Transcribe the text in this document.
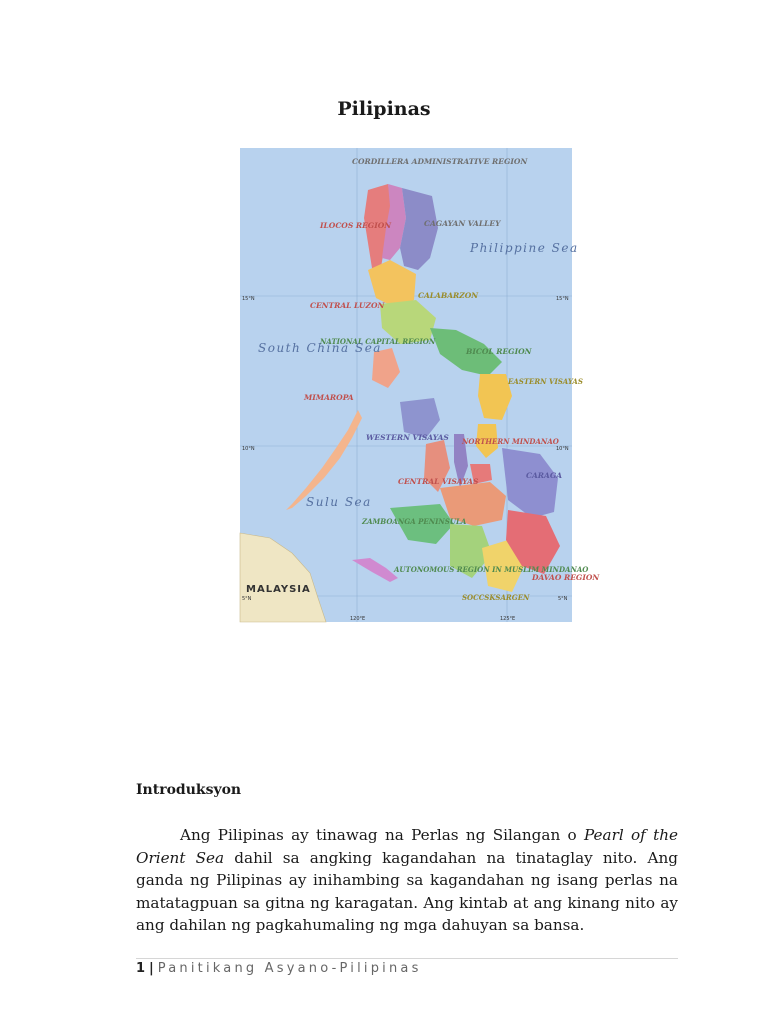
Pilipinas
CORDILLERA ADMINISTRATIVE REGION
ILOCOS REGION	CAGAYAN VALLEY
CENTRAL LUZON
CALABARZON
NATIONAL CAPITAL REGION
MIMAROPA
BICOL REGION
EASTERN VISAYAS
WESTERN VISAYAS
CENTRAL VISAYAS
NORTHERN MINDANAO
CARAGA
ZAMBOANGA PENINSULA
DAVAO REGION
AUTONOMOUS REGION IN MUSLIM MINDANAO
SOCCSKSARGEN
Philippine Sea
South China Sea
Sulu Sea
MALAYSIA
15°N	15°N
10°N	10°N
5°N	5°N
120°E	125°E
Introduksyon
Ang Pilipinas ay tinawag na Perlas ng Silangan o Pearl of the Orient Sea dahil sa angking kagandahan na tinataglay nito. Ang ganda ng Pilipinas ay inihambing sa kagandahan ng isang perlas na matatagpuan sa gitna ng karagatan. Ang kintab at ang kinang nito ay ang dahilan ng pagkahumaling ng mga dahuyan sa bansa.
1 | Panitikang Asyano-Pilipinas
